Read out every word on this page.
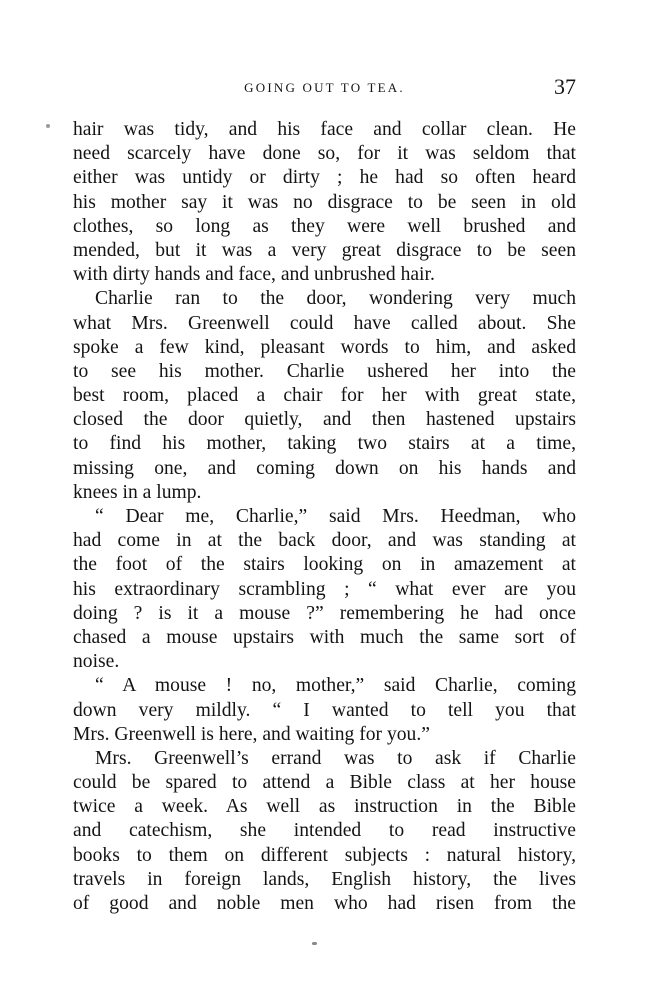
GOING OUT TO TEA.	37
hair was tidy, and his face and collar clean. He
need scarcely have done so, for it was seldom that
either was untidy or dirty ; he had so often heard
his mother say it was no disgrace to be seen in old
clothes, so long as they were well brushed and
mended, but it was a very great disgrace to be seen
with dirty hands and face, and unbrushed hair.
Charlie ran to the door, wondering very much
what Mrs. Greenwell could have called about. She
spoke a few kind, pleasant words to him, and asked
to see his mother. Charlie ushered her into the
best room, placed a chair for her with great state,
closed the door quietly, and then hastened upstairs
to find his mother, taking two stairs at a time,
missing one, and coming down on his hands and
knees in a lump.
“ Dear me, Charlie,” said Mrs. Heedman, who
had come in at the back door, and was standing at
the foot of the stairs looking on in amazement at
his extraordinary scrambling ; “ what ever are you
doing ? is it a mouse ?” remembering he had once
chased a mouse upstairs with much the same sort of
noise.
“ A mouse ! no, mother,” said Charlie, coming
down very mildly. “ I wanted to tell you that
Mrs. Greenwell is here, and waiting for you.”
Mrs. Greenwell’s errand was to ask if Charlie
could be spared to attend a Bible class at her house
twice a week. As well as instruction in the Bible
and catechism, she intended to read instructive
books to them on different subjects : natural history,
travels in foreign lands, English history, the lives
of good and noble men who had risen from the
